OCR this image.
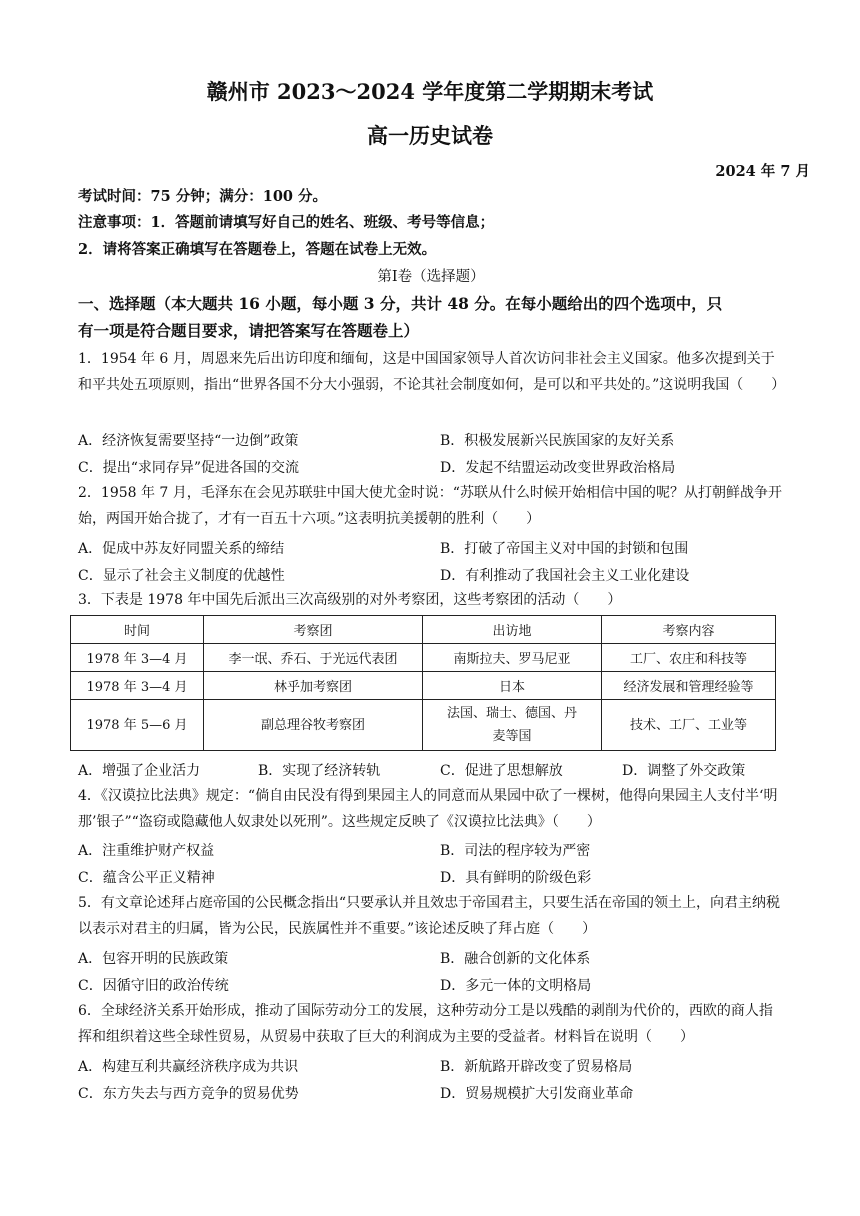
赣州市 2023～2024 学年度第二学期期末考试
高一历史试卷
2024 年 7 月
考试时间：75 分钟；满分：100 分。
注意事项：1．答题前请填写好自己的姓名、班级、考号等信息；
2．请将答案正确填写在答题卷上，答题在试卷上无效。
第Ⅰ卷（选择题）
一、选择题（本大题共 16 小题，每小题 3 分，共计 48 分。在每小题给出的四个选项中，只
有一项是符合题目要求，请把答案写在答题卷上）
1．1954 年 6 月，周恩来先后出访印度和缅甸，这是中国国家领导人首次访问非社会主义国家。他多次提到关于和平共处五项原则，指出“世界各国不分大小强弱，不论其社会制度如何，是可以和平共处的。”这说明我国（　　）
A．经济恢复需要坚持“一边倒”政策	B．积极发展新兴民族国家的友好关系
C．提出“求同存异”促进各国的交流	D．发起不结盟运动改变世界政治格局
2．1958 年 7 月，毛泽东在会见苏联驻中国大使尤金时说：“苏联从什么时候开始相信中国的呢？从打朝鲜战争开始，两国开始合拢了，才有一百五十六项。”这表明抗美援朝的胜利（　　）
A．促成中苏友好同盟关系的缔结	B．打破了帝国主义对中国的封锁和包围
C．显示了社会主义制度的优越性	D．有利推动了我国社会主义工业化建设
3．下表是 1978 年中国先后派出三次高级别的对外考察团，这些考察团的活动（　　）
时间	考察团	出访地	考察内容
1978 年 3—4 月	李一氓、乔石、于光远代表团	南斯拉夫、罗马尼亚	工厂、农庄和科技等
1978 年 3—4 月	林乎加考察团	日本	经济发展和管理经验等
1978 年 5—6 月	副总理谷牧考察团	法国、瑞士、德国、丹麦等国	技术、工厂、工业等
A．增强了企业活力	B．实现了经济转轨	C．促进了思想解放	D．调整了外交政策
4．《汉谟拉比法典》规定：“倘自由民没有得到果园主人的同意而从果园中砍了一棵树，他得向果园主人支付半‘明那’银子”“盗窃或隐藏他人奴隶处以死刑”。这些规定反映了《汉谟拉比法典》（　　）
A．注重维护财产权益	B．司法的程序较为严密
C．蕴含公平正义精神	D．具有鲜明的阶级色彩
5．有文章论述拜占庭帝国的公民概念指出“只要承认并且效忠于帝国君主，只要生活在帝国的领土上，向君主纳税以表示对君主的归属，皆为公民，民族属性并不重要。”该论述反映了拜占庭（　　）
A．包容开明的民族政策	B．融合创新的文化体系
C．因循守旧的政治传统	D．多元一体的文明格局
6．全球经济关系开始形成，推动了国际劳动分工的发展，这种劳动分工是以残酷的剥削为代价的，西欧的商人指挥和组织着这些全球性贸易，从贸易中获取了巨大的利润成为主要的受益者。材料旨在说明（　　）
A．构建互利共赢经济秩序成为共识	B．新航路开辟改变了贸易格局
C．东方失去与西方竞争的贸易优势	D．贸易规模扩大引发商业革命
